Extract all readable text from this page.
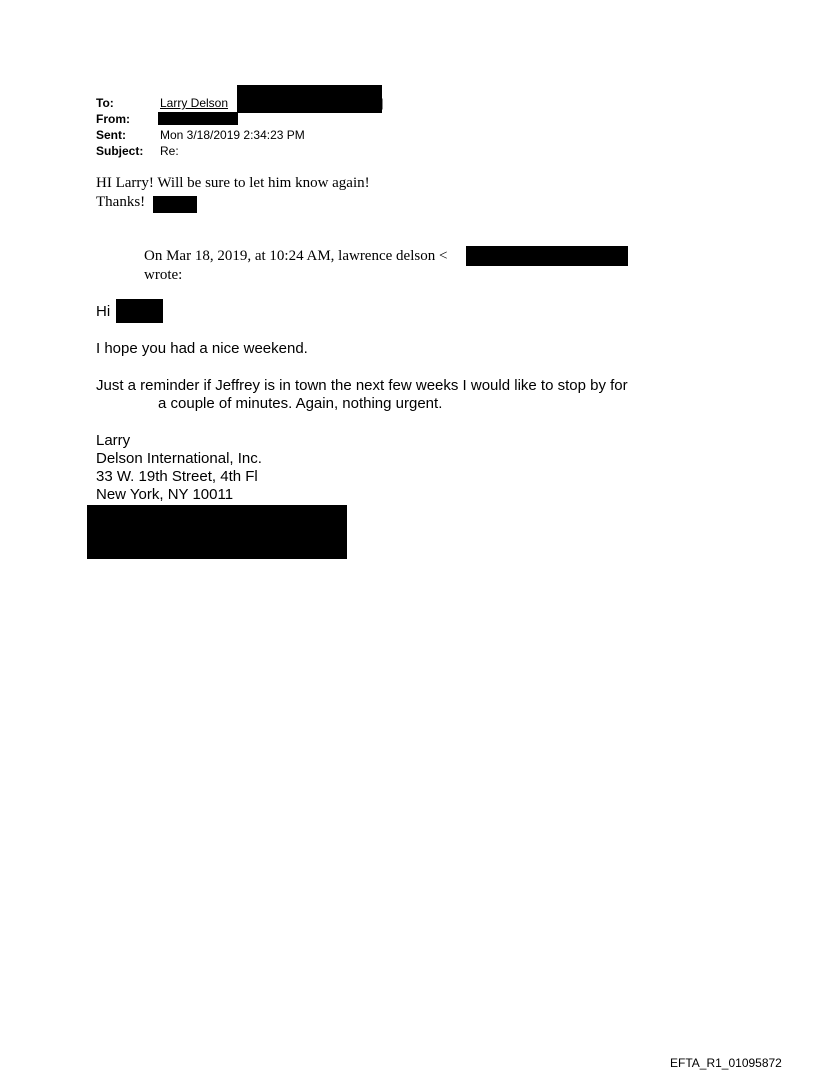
To:	Larry Delson	]
From:
Sent:	Mon 3/18/2019 2:34:23 PM
Subject: Re:
HI Larry! Will be sure to let him know again!
Thanks!
On Mar 18, 2019, at 10:24 AM, lawrence delson <
wrote:
Hi
I hope you had a nice weekend.
Just a reminder if Jeffrey is in town the next few weeks I would like to stop by for
a couple of minutes. Again, nothing urgent.
Larry
Delson International, Inc.
33 W. 19th Street, 4th Fl
New York, NY 10011
EFTA_R1_01095872
